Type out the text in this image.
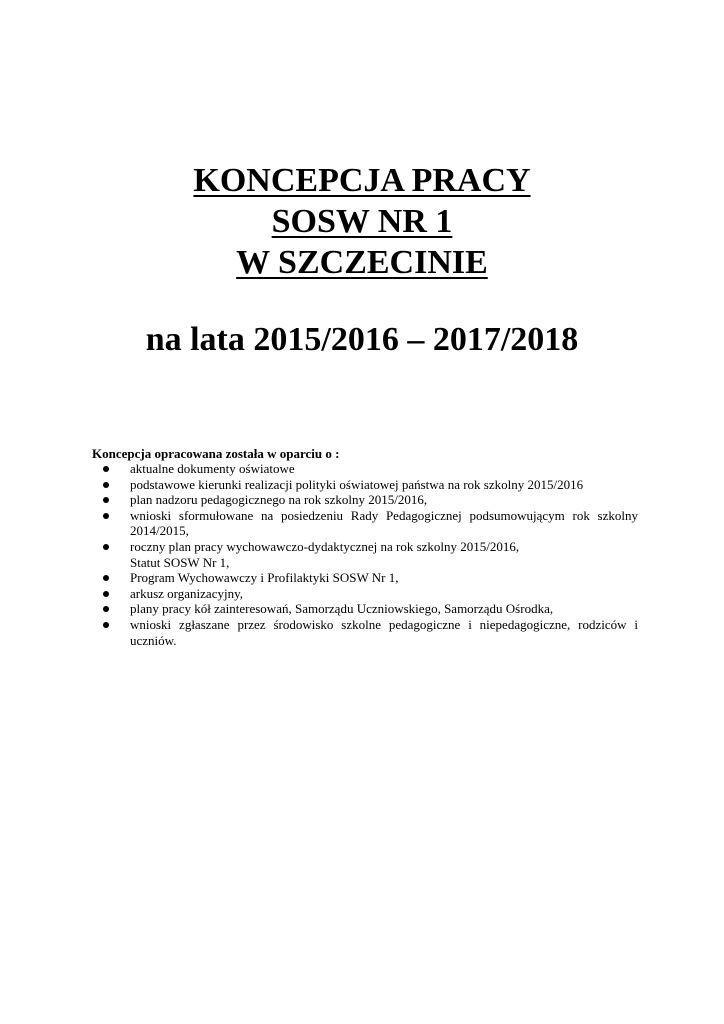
KONCEPCJA PRACY
SOSW NR 1
W SZCZECINIE
na lata 2015/2016 – 2017/2018
Koncepcja opracowana została w oparciu o :
aktualne dokumenty oświatowe
podstawowe kierunki realizacji polityki oświatowej państwa na rok szkolny 2015/2016
plan nadzoru pedagogicznego na rok szkolny 2015/2016,
wnioski sformułowane na posiedzeniu Rady Pedagogicznej podsumowującym rok szkolny 2014/2015,
roczny plan pracy wychowawczo-dydaktycznej na rok szkolny 2015/2016,
Statut SOSW Nr 1,
Program Wychowawczy i Profilaktyki SOSW Nr 1,
arkusz organizacyjny,
plany pracy kół zainteresowań, Samorządu Uczniowskiego, Samorządu Ośrodka,
wnioski zgłaszane przez środowisko szkolne pedagogiczne i niepedagogiczne, rodziców i uczniów.
